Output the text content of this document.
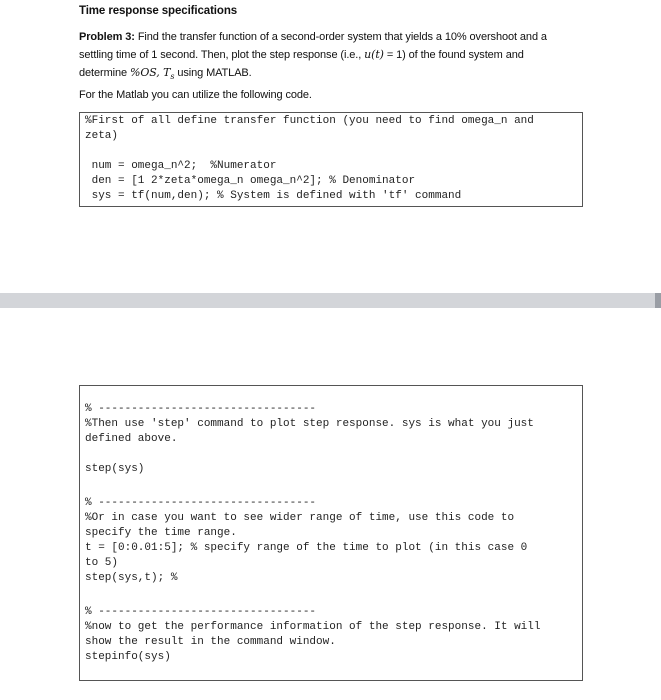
Time response specifications
Problem 3: Find the transfer function of a second-order system that yields a 10% overshoot and a
settling time of 1 second. Then, plot the step response (i.e., u(t) = 1) of the found system and
determine %OS, $T_s$ using MATLAB.
For the Matlab you can utilize the following code.
%First of all define transfer function (you need to find omega_n and
zeta)
num = omega_n^2;  %Numerator
den = [1 2*zeta*omega_n omega_n^2]; % Denominator
sys = tf(num,den); % System is defined with 'tf' command
% ---------------------------------
%Then use 'step' command to plot step response. sys is what you just
defined above.
step(sys)
% ---------------------------------
%Or in case you want to see wider range of time, use this code to
specify the time range.
t = [0:0.01:5]; % specify range of the time to plot (in this case 0
to 5)
step(sys,t); %
% ---------------------------------
%now to get the performance information of the step response. It will
show the result in the command window.
stepinfo(sys)
